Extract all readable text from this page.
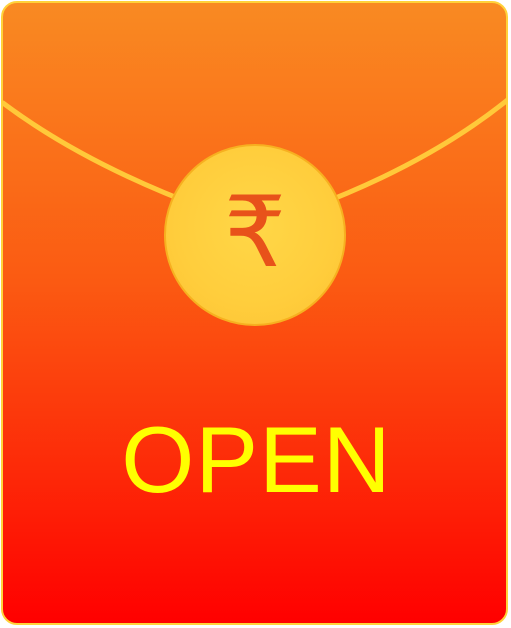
₹
OPEN
